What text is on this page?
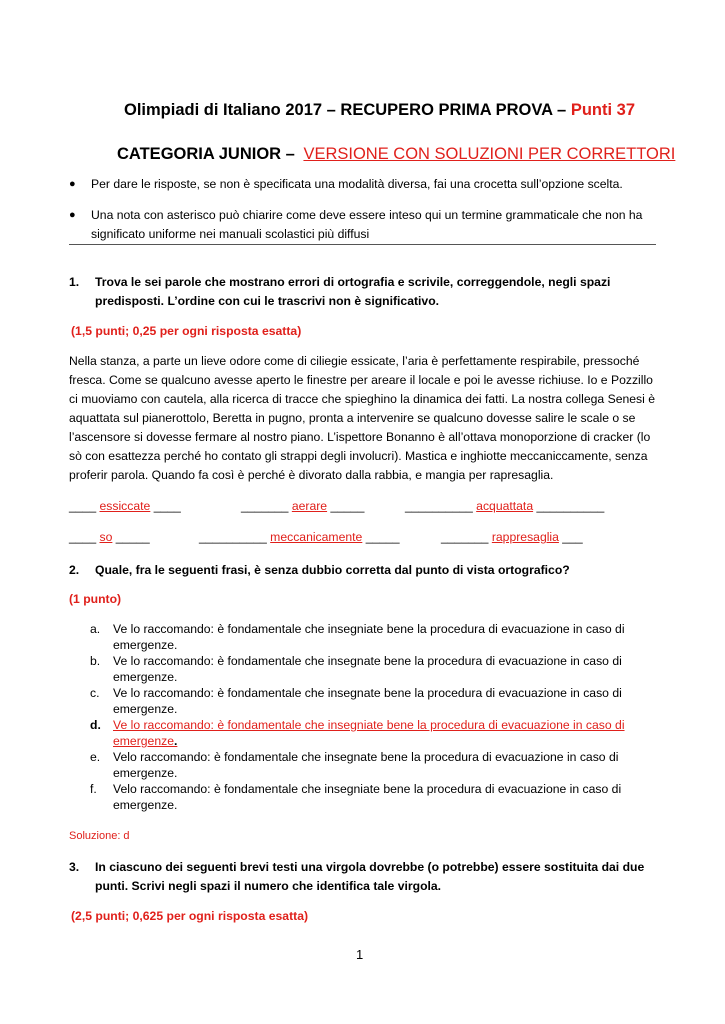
Olimpiadi di Italiano 2017 – RECUPERO PRIMA PROVA – Punti 37
CATEGORIA JUNIOR – VERSIONE CON SOLUZIONI PER CORRETTORI
● Per dare le risposte, se non è specificata una modalità diversa, fai una crocetta sull’opzione scelta.
● Una nota con asterisco può chiarire come deve essere inteso qui un termine grammaticale che non ha significato uniforme nei manuali scolastici più diffusi
1. Trova le sei parole che mostrano errori di ortografia e scrivile, correggendole, negli spazi predisposti. L’ordine con cui le trascrivi non è significativo.
(1,5 punti; 0,25 per ogni risposta esatta)
Nella stanza, a parte un lieve odore come di ciliegie essicate, l’aria è perfettamente respirabile, pressoché fresca. Come se qualcuno avesse aperto le finestre per areare il locale e poi le avesse richiuse. Io e Pozzillo ci muoviamo con cautela, alla ricerca di tracce che spieghino la dinamica dei fatti. La nostra collega Senesi è aquattata sul pianerottolo, Beretta in pugno, pronta a intervenire se qualcuno dovesse salire le scale o se l’ascensore si dovesse fermare al nostro piano. L’ispettore Bonanno è all’ottava monoporzione di cracker (lo sò con esattezza perché ho contato gli strappi degli involucri). Mastica e inghiotte meccaniccamente, senza proferir parola. Quando fa così è perché è divorato dalla rabbia, e mangia per rapresaglia.
____ essiccate ____	_______ aerare _____	__________ acquattata __________
____ so _____	__________ meccanicamente _____	_______ rappresaglia ___
2. Quale, fra le seguenti frasi, è senza dubbio corretta dal punto di vista ortografico?
(1 punto)
a. Ve lo raccomando: è fondamentale che insegniate bene la procedura di evacuazione in caso di emergenze.
b. Ve lo raccomando: è fondamentale che insegnate bene la procedura di evacuazione in caso di emergenze.
c. Ve lo raccomando: è fondamentale che insegnate bene la procedura di evacuazione in caso di emergenze.
d. Ve lo raccomando: è fondamentale che insegniate bene la procedura di evacuazione in caso di emergenze.
e. Velo raccomando: è fondamentale che insegnate bene la procedura di evacuazione in caso di emergenze.
f. Velo raccomando: è fondamentale che insegniate bene la procedura di evacuazione in caso di emergenze.
Soluzione: d
3. In ciascuno dei seguenti brevi testi una virgola dovrebbe (o potrebbe) essere sostituita dai due punti. Scrivi negli spazi il numero che identifica tale virgola.
(2,5 punti; 0,625 per ogni risposta esatta)
1
